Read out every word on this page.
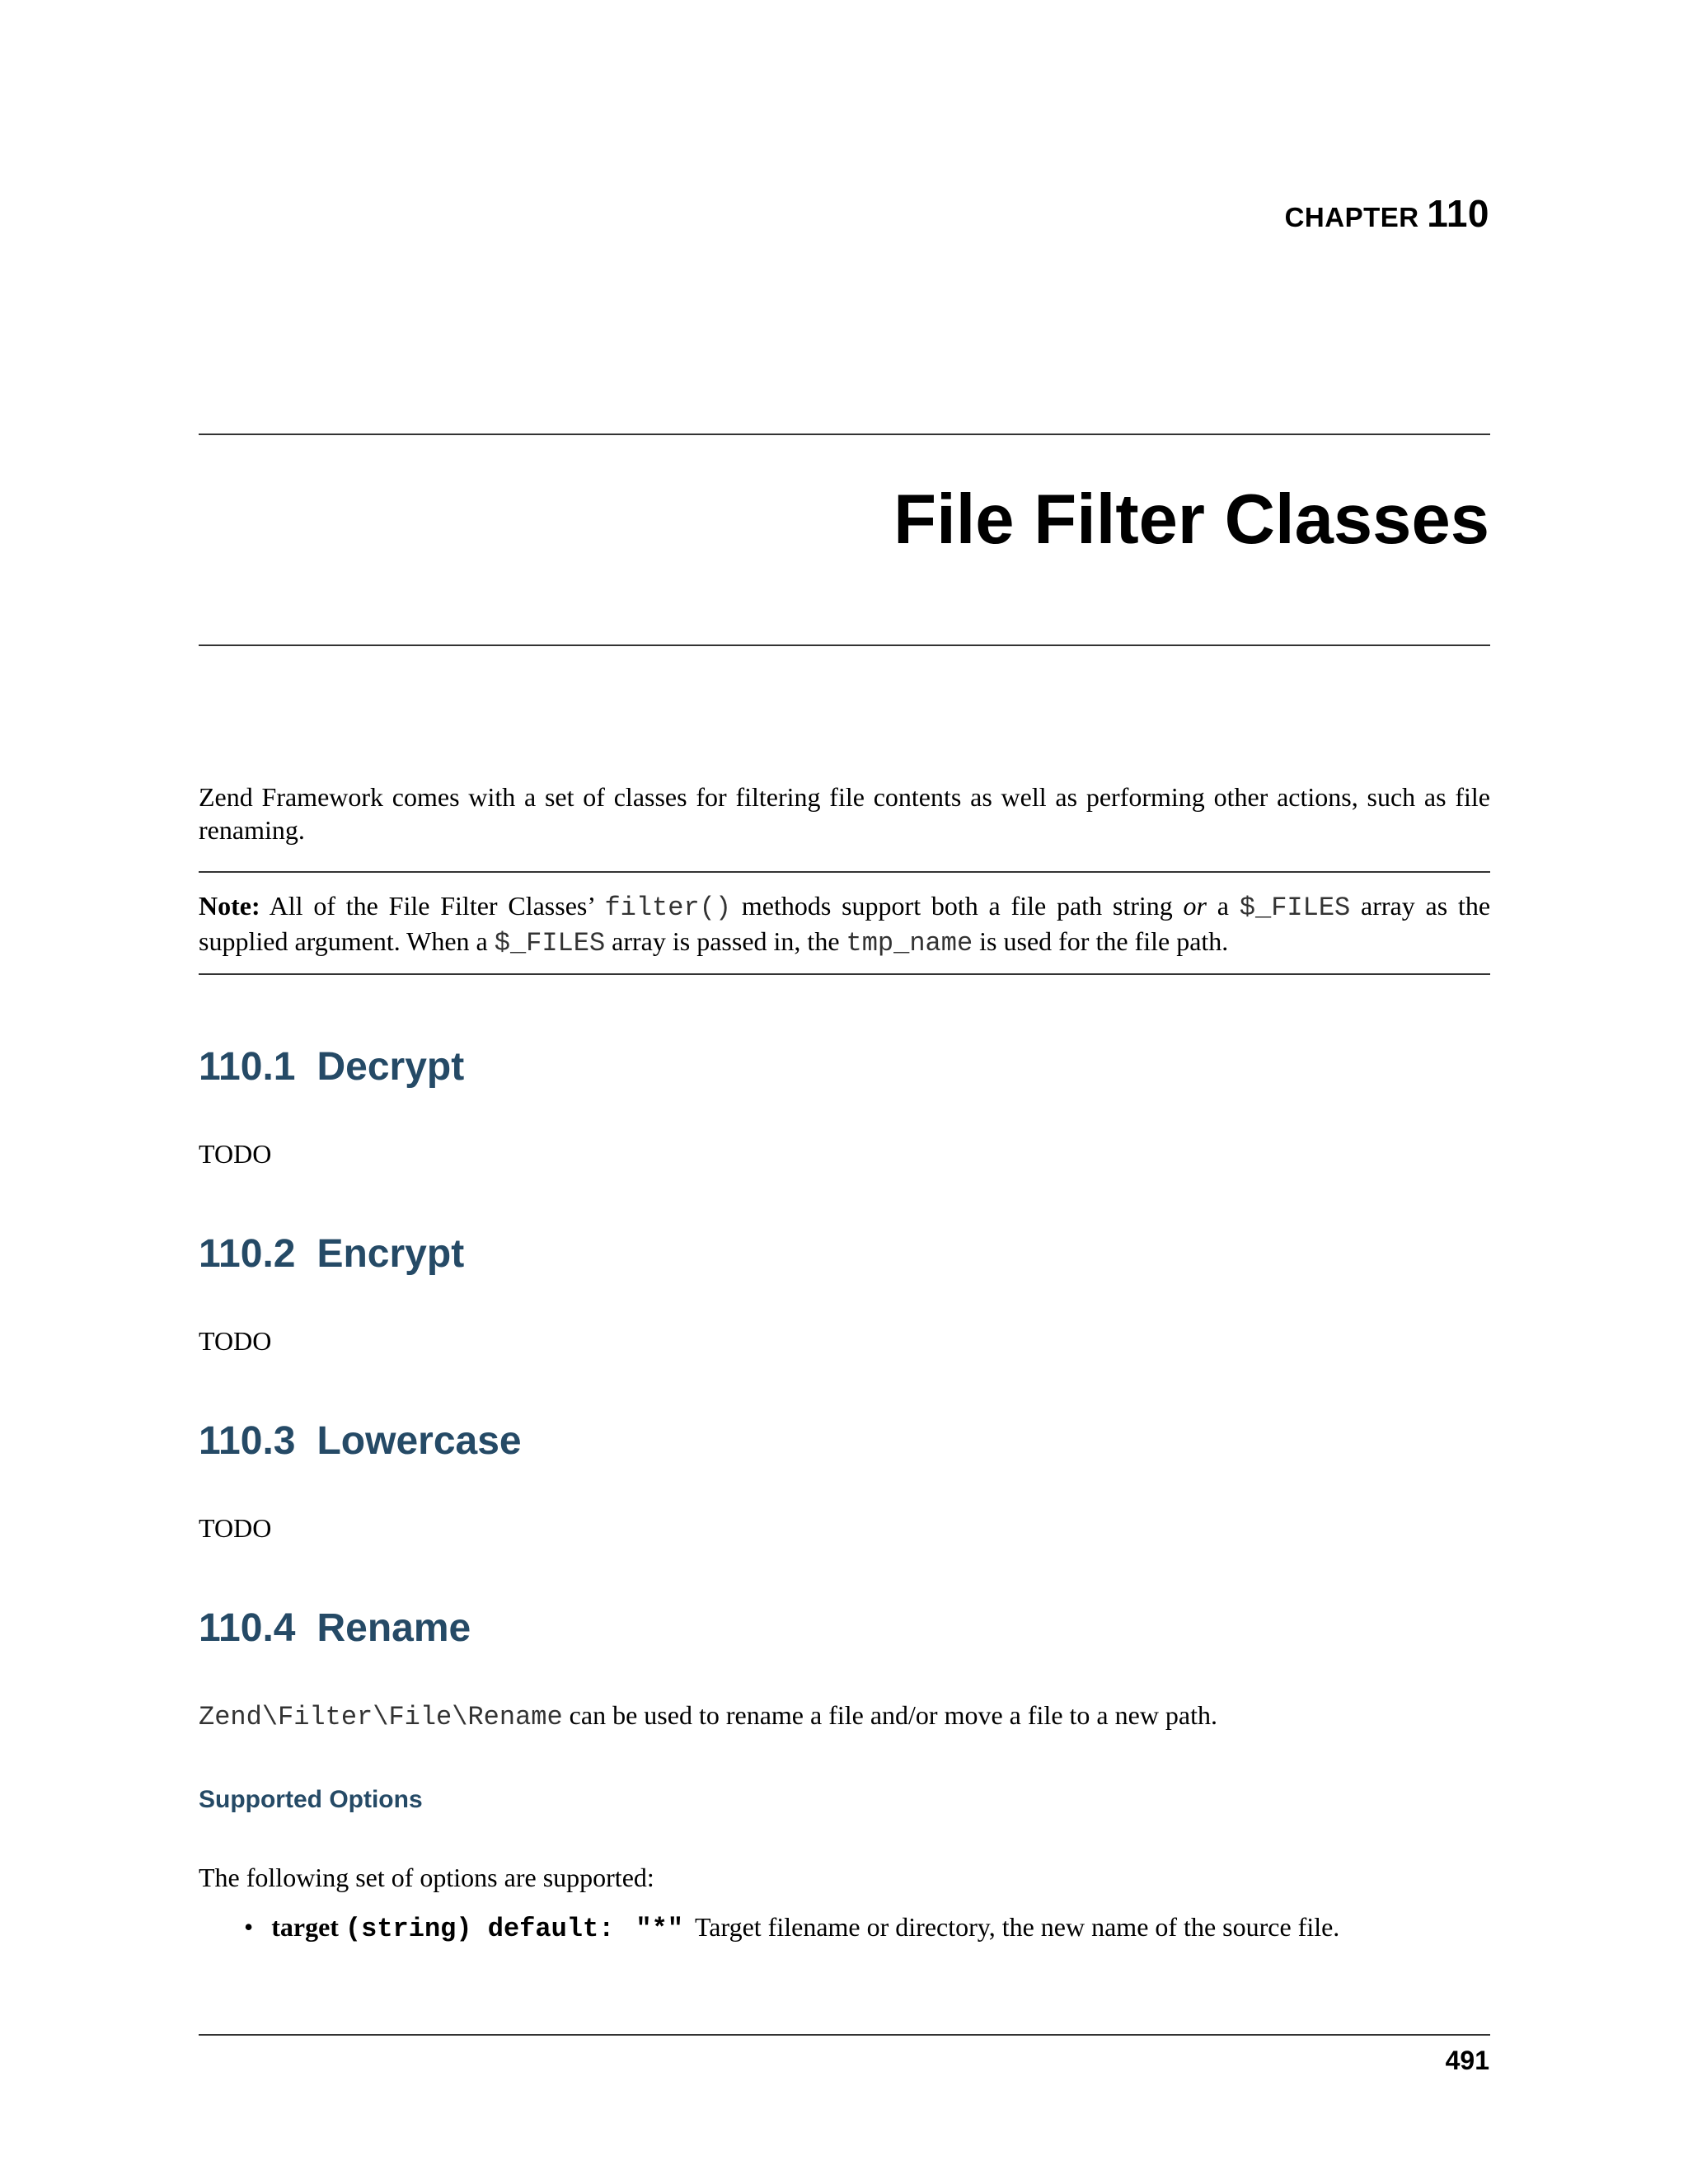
CHAPTER 110
File Filter Classes
Zend Framework comes with a set of classes for filtering file contents as well as performing other actions, such as file renaming.
Note: All of the File Filter Classes’ filter() methods support both a file path string or a $_FILES array as the supplied argument. When a $_FILES array is passed in, the tmp_name is used for the file path.
110.1 Decrypt
TODO
110.2 Encrypt
TODO
110.3 Lowercase
TODO
110.4 Rename
Zend\Filter\File\Rename can be used to rename a file and/or move a file to a new path.
Supported Options
The following set of options are supported:
• target (string) default: "*" Target filename or directory, the new name of the source file.
491
